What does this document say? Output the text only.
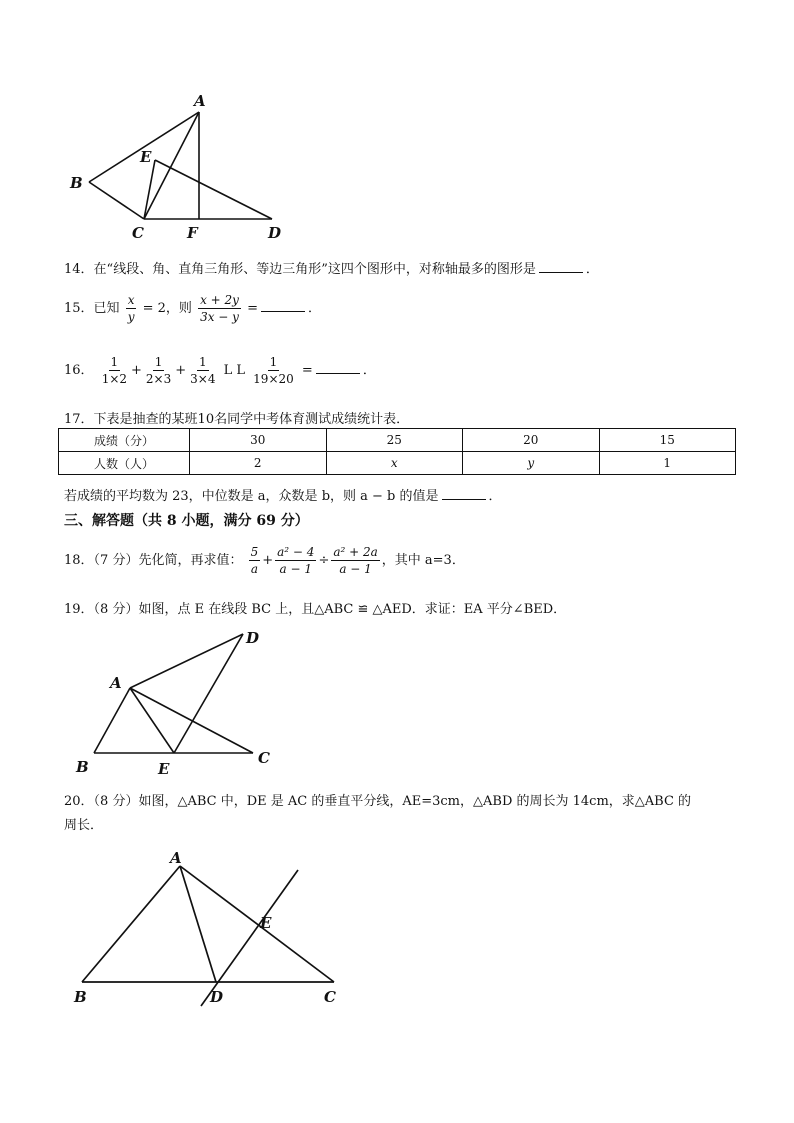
A
B
C	D
E
F
14．在“线段、角、直角三角形、等边三角形”这四个图形中，对称轴最多的图形是	．
15．已知 $\frac{x}{y} = 2$，则 $\frac{x + 2y}{3x - y}$ =	．
16． $\frac{1}{1\times 2} + \frac{1}{2\times 3} + \frac{1}{3\times 4}$ L L $\frac{1}{19\times 20}$ =	．
17．下表是抽查的某班10名同学中考体育测试成绩统计表．
成绩（分）	30	25	20	15
人数（人）	2	x	y	1
若成绩的平均数为 23，中位数是 a，众数是 b，则 a − b 的值是	．
三、解答题（共 8 小题，满分 69 分）
18．（7 分）先化简，再求值： $\frac{5}{a} + \frac{\text{a² − 4}}{a - 1} \div \frac{\text{a² + 2a}}{a - 1}$ ，其中 a=3．
19．（8 分）如图，点 E 在线段 BC 上，且△ABC ≌ △AED．求证：EA 平分∠BED．
A
B	C
D
E
20．（8 分）如图，△ABC 中，DE 是 AC 的垂直平分线，AE=3cm，△ABD 的周长为 14cm，求△ABC 的
周长．
A
B	C
D
E
